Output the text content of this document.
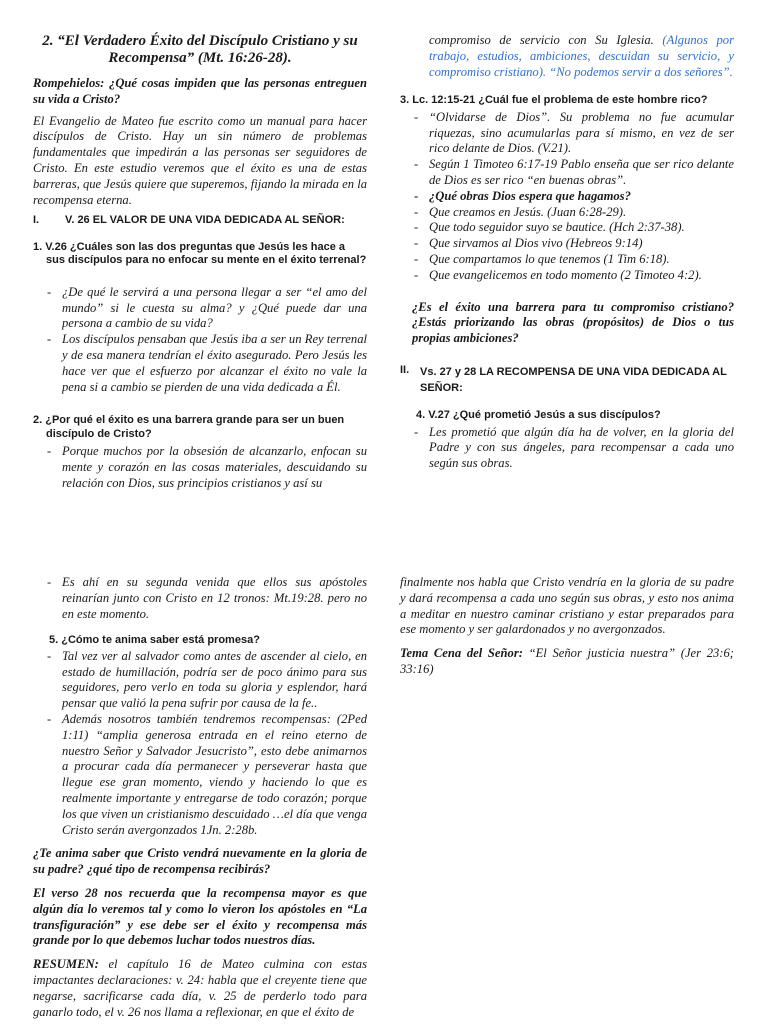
2. “El Verdadero Éxito del Discípulo Cristiano y su Recompensa” (Mt. 16:26-28).

Rompehielos: ¿Qué cosas impiden que las personas entreguen su vida a Cristo?

El Evangelio de Mateo fue escrito como un manual para hacer discípulos de Cristo. Hay un sin número de problemas fundamentales que impedirán a las personas ser seguidores de Cristo. En este estudio veremos que el éxito es una de estas barreras, que Jesús quiere que superemos, fijando la mirada en la recompensa eterna.

I.	V. 26 EL VALOR DE UNA VIDA DEDICADA AL SEÑOR:

1. V.26 ¿Cuáles son las dos preguntas que Jesús les hace a sus discípulos para no enfocar su mente en el éxito terrenal?

- ¿De qué le servirá a una persona llegar a ser “el amo del mundo” si le cuesta su alma? y ¿Qué puede dar una persona a cambio de su vida?
- Los discípulos pensaban que Jesús iba a ser un Rey terrenal y de esa manera tendrían el éxito asegurado. Pero Jesús les hace ver que el esfuerzo por alcanzar el éxito no vale la pena si a cambio se pierden de una vida dedicada a Él.

2. ¿Por qué el éxito es una barrera grande para ser un buen discípulo de Cristo?

- Porque muchos por la obsesión de alcanzarlo, enfocan su mente y corazón en las cosas materiales, descuidando su relación con Dios, sus principios cristianos y así su

compromiso de servicio con Su Iglesia. (Algunos por trabajo, estudios, ambiciones, descuidan su servicio, y compromiso cristiano). “No podemos servir a dos señores”.

3. Lc. 12:15-21 ¿Cuál fue el problema de este hombre rico?

- “Olvidarse de Dios”. Su problema no fue acumular riquezas, sino acumularlas para sí mismo, en vez de ser rico delante de Dios. (V.21).
- Según 1 Timoteo 6:17-19 Pablo enseña que ser rico delante de Dios es ser rico “en buenas obras”.
- ¿Qué obras Dios espera que hagamos?
- Que creamos en Jesús. (Juan 6:28-29).
- Que todo seguidor suyo se bautice. (Hch 2:37-38).
- Que sirvamos al Dios vivo (Hebreos 9:14)
- Que compartamos lo que tenemos (1 Tim 6:18).
- Que evangelicemos en todo momento (2 Timoteo 4:2).

¿Es el éxito una barrera para tu compromiso cristiano? ¿Estás priorizando las obras (propósitos) de Dios o tus propias ambiciones?

II. Vs. 27 y 28 LA RECOMPENSA DE UNA VIDA DEDICADA AL SEÑOR:

4. V.27 ¿Qué prometió Jesús a sus discípulos?

- Les prometió que algún día ha de volver, en la gloria del Padre y con sus ángeles, para recompensar a cada uno según sus obras.
- Es ahí en su segunda venida que ellos sus apóstoles reinarían junto con Cristo en 12 tronos: Mt.19:28. pero no en este momento.

5. ¿Cómo te anima saber está promesa?

- Tal vez ver al salvador como antes de ascender al cielo, en estado de humillación, podría ser de poco ánimo para sus seguidores, pero verlo en toda su gloria y esplendor, hará pensar que valió la pena sufrir por causa de la fe..
- Además nosotros también tendremos recompensas: (2Ped 1:11) “amplia generosa entrada en el reino eterno de nuestro Señor y Salvador Jesucristo”, esto debe animarnos a procurar cada día permanecer y perseverar hasta que llegue ese gran momento, viendo y haciendo lo que es realmente importante y entregarse de todo corazón; porque los que viven un cristianismo descuidado …el día que venga Cristo serán avergonzados 1Jn. 2:28b.

¿Te anima saber que Cristo vendrá nuevamente en la gloria de su padre? ¿qué tipo de recompensa recibirás?

El verso 28 nos recuerda que la recompensa mayor es que algún día lo veremos tal y como lo vieron los apóstoles en “La transfiguración” y ese debe ser el éxito y recompensa más grande por lo que debemos luchar todos nuestros días.

RESUMEN: el capítulo 16 de Mateo culmina con estas impactantes declaraciones: v. 24: habla que el creyente tiene que negarse, sacrificarse cada día, v. 25 de perderlo todo para ganarlo todo, el v. 26 nos llama a reflexionar, en que el éxito de

finalmente nos habla que Cristo vendría en la gloria de su padre y dará recompensa a cada uno según sus obras, y esto nos anima a meditar en nuestro caminar cristiano y estar preparados para ese momento y ser galardonados y no avergonzados.

Tema Cena del Señor: “El Señor justicia nuestra” (Jer 23:6; 33:16)
